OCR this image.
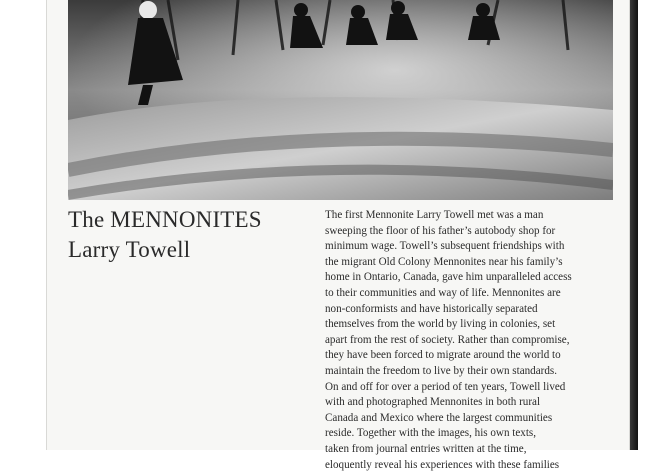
The MENNONITES

Larry Towell

The first Mennonite Larry Towell met was a man
sweeping the floor of his father’s autobody shop for
minimum wage. Towell’s subsequent friendships with
the migrant Old Colony Mennonites near his family’s
home in Ontario, Canada, gave him unparalleled access
to their communities and way of life. Mennonites are
non-conformists and have historically separated
themselves from the world by living in colonies, set
apart from the rest of society. Rather than compromise,
they have been forced to migrate around the world to
maintain the freedom to live by their own standards.
On and off for over a period of ten years, Towell lived
with and photographed Mennonites in both rural
Canada and Mexico where the largest communities
reside. Together with the images, his own texts,
taken from journal entries written at the time,
eloquently reveal his experiences with these families
